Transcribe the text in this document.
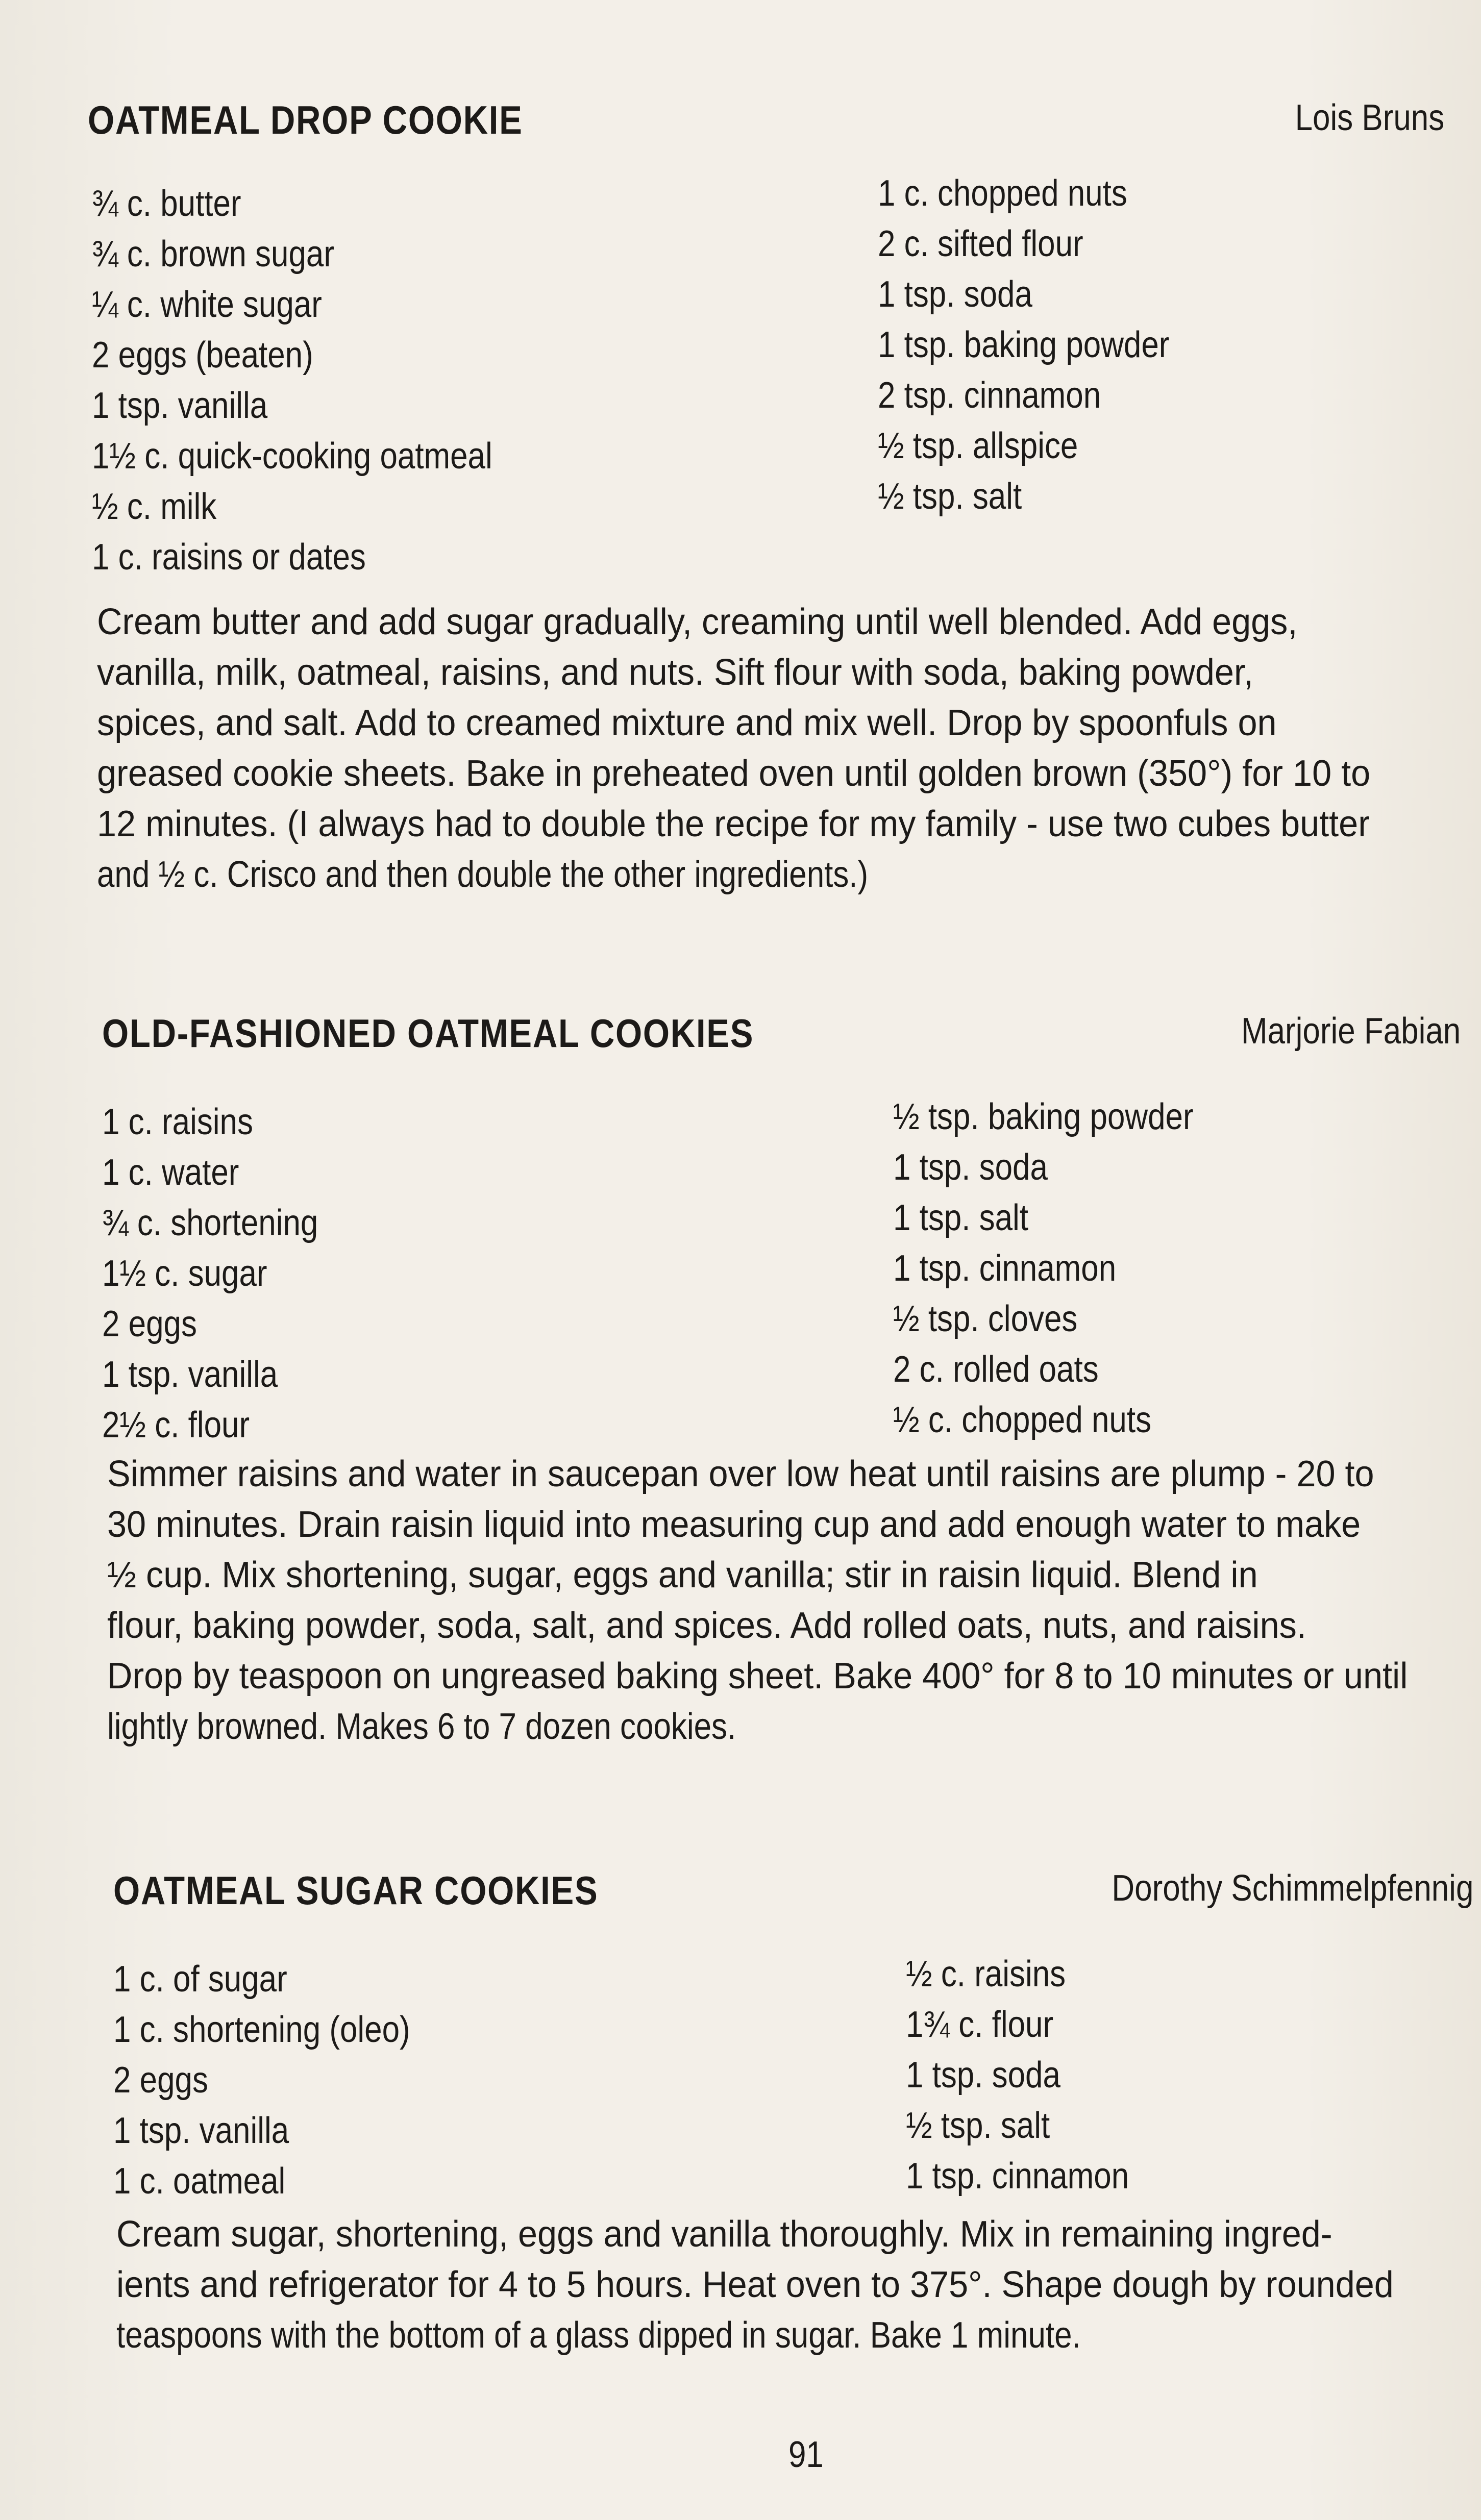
OATMEAL DROP COOKIE	Lois Bruns
¾ c. butter
¾ c. brown sugar
¼ c. white sugar
2 eggs (beaten)
1 tsp. vanilla
1½ c. quick-cooking oatmeal
½ c. milk
1 c. raisins or dates
1 c. chopped nuts
2 c. sifted flour
1 tsp. soda
1 tsp. baking powder
2 tsp. cinnamon
½ tsp. allspice
½ tsp. salt
Cream butter and add sugar gradually, creaming until well blended. Add eggs,
vanilla, milk, oatmeal, raisins, and nuts. Sift flour with soda, baking powder,
spices, and salt. Add to creamed mixture and mix well. Drop by spoonfuls on
greased cookie sheets. Bake in preheated oven until golden brown (350°) for 10 to
12 minutes. (I always had to double the recipe for my family - use two cubes butter
and ½ c. Crisco and then double the other ingredients.)
OLD-FASHIONED OATMEAL COOKIES	Marjorie Fabian
1 c. raisins
1 c. water
¾ c. shortening
1½ c. sugar
2 eggs
1 tsp. vanilla
2½ c. flour
½ tsp. baking powder
1 tsp. soda
1 tsp. salt
1 tsp. cinnamon
½ tsp. cloves
2 c. rolled oats
½ c. chopped nuts
Simmer raisins and water in saucepan over low heat until raisins are plump - 20 to
30 minutes. Drain raisin liquid into measuring cup and add enough water to make
½ cup. Mix shortening, sugar, eggs and vanilla; stir in raisin liquid. Blend in
flour, baking powder, soda, salt, and spices. Add rolled oats, nuts, and raisins.
Drop by teaspoon on ungreased baking sheet. Bake 400° for 8 to 10 minutes or until
lightly browned. Makes 6 to 7 dozen cookies.
OATMEAL SUGAR COOKIES	Dorothy Schimmelpfennig
1 c. of sugar
1 c. shortening (oleo)
2 eggs
1 tsp. vanilla
1 c. oatmeal
½ c. raisins
1¾ c. flour
1 tsp. soda
½ tsp. salt
1 tsp. cinnamon
Cream sugar, shortening, eggs and vanilla thoroughly. Mix in remaining ingred-
ients and refrigerator for 4 to 5 hours. Heat oven to 375°. Shape dough by rounded
teaspoons with the bottom of a glass dipped in sugar. Bake 1 minute.
91
